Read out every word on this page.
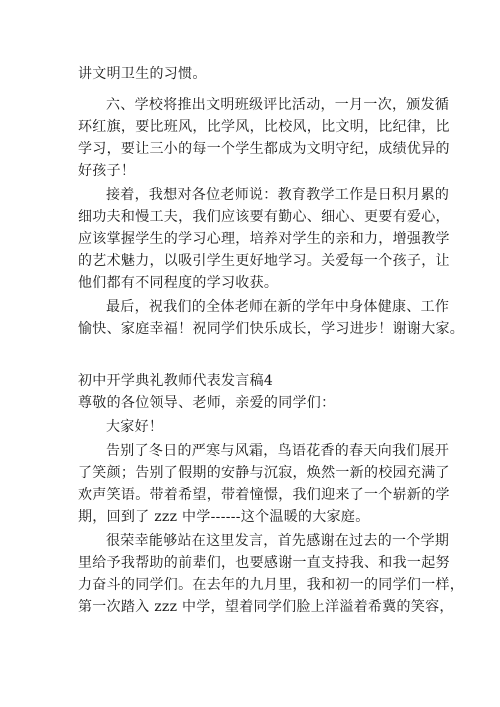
讲文明卫生的习惯。
六、学校将推出文明班级评比活动，一月一次，颁发循
环红旗，要比班风，比学风，比校风，比文明，比纪律，比
学习，要让三小的每一个学生都成为文明守纪，成绩优异的
好孩子！
接着，我想对各位老师说：教育教学工作是日积月累的
细功夫和慢工夫，我们应该要有勤心、细心、更要有爱心，
应该掌握学生的学习心理，培养对学生的亲和力，增强教学
的艺术魅力，以吸引学生更好地学习。关爱每一个孩子，让
他们都有不同程度的学习收获。
最后，祝我们的全体老师在新的学年中身体健康、工作
愉快、家庭幸福！祝同学们快乐成长，学习进步！谢谢大家。
初中开学典礼教师代表发言稿4
尊敬的各位领导、老师，亲爱的同学们：
大家好！
告别了冬日的严寒与风霜，鸟语花香的春天向我们展开
了笑颜；告别了假期的安静与沉寂，焕然一新的校园充满了
欢声笑语。带着希望，带着憧憬，我们迎来了一个崭新的学
期，回到了 zzz 中学------这个温暖的大家庭。
很荣幸能够站在这里发言，首先感谢在过去的一个学期
里给予我帮助的前辈们，也要感谢一直支持我、和我一起努
力奋斗的同学们。在去年的九月里，我和初一的同学们一样，
第一次踏入 zzz 中学，望着同学们脸上洋溢着希冀的笑容，
